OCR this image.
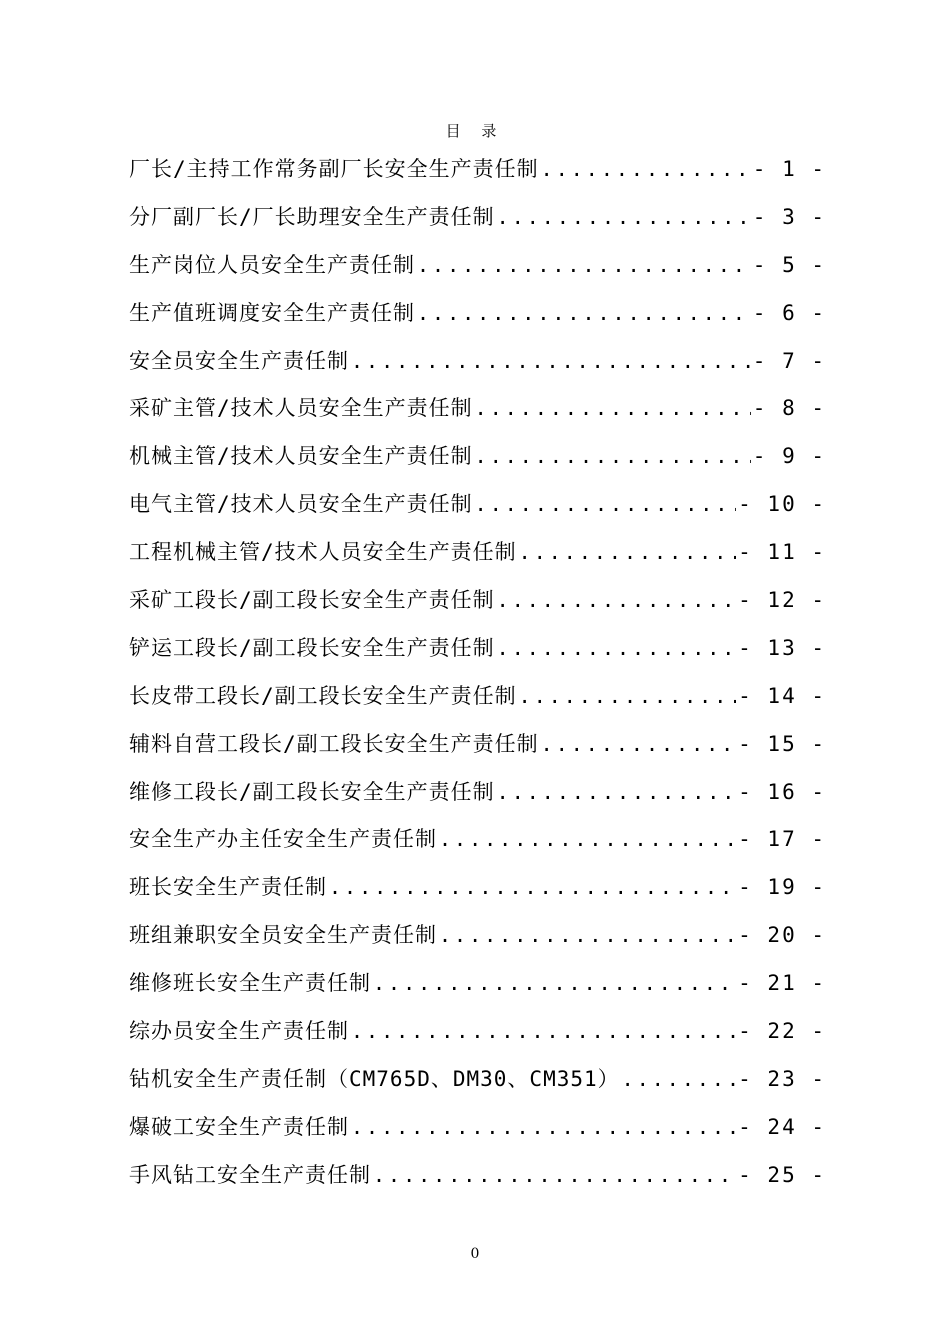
目 录
厂长/主持工作常务副厂长安全生产责任制 .....	- 1 -
分厂副厂长/厂长助理安全生产责任制 .....	- 3 -
生产岗位人员安全生产责任制 .....	- 5 -
生产值班调度安全生产责任制 .....	- 6 -
安全员安全生产责任制 .....	- 7 -
采矿主管/技术人员安全生产责任制 .....	- 8 -
机械主管/技术人员安全生产责任制 .....	- 9 -
电气主管/技术人员安全生产责任制 .....	- 10 -
工程机械主管/技术人员安全生产责任制 .....	- 11 -
采矿工段长/副工段长安全生产责任制 .....	- 12 -
铲运工段长/副工段长安全生产责任制 .....	- 13 -
长皮带工段长/副工段长安全生产责任制 .....	- 14 -
辅料自营工段长/副工段长安全生产责任制 .....	- 15 -
维修工段长/副工段长安全生产责任制 .....	- 16 -
安全生产办主任安全生产责任制 .....	- 17 -
班长安全生产责任制 .....	- 19 -
班组兼职安全员安全生产责任制 .....	- 20 -
维修班长安全生产责任制 .....	- 21 -
综办员安全生产责任制 .....	- 22 -
钻机安全生产责任制（CM765D、DM30、CM351） .....	- 23 -
爆破工安全生产责任制 .....	- 24 -
手风钻工安全生产责任制 .....	- 25 -
0
